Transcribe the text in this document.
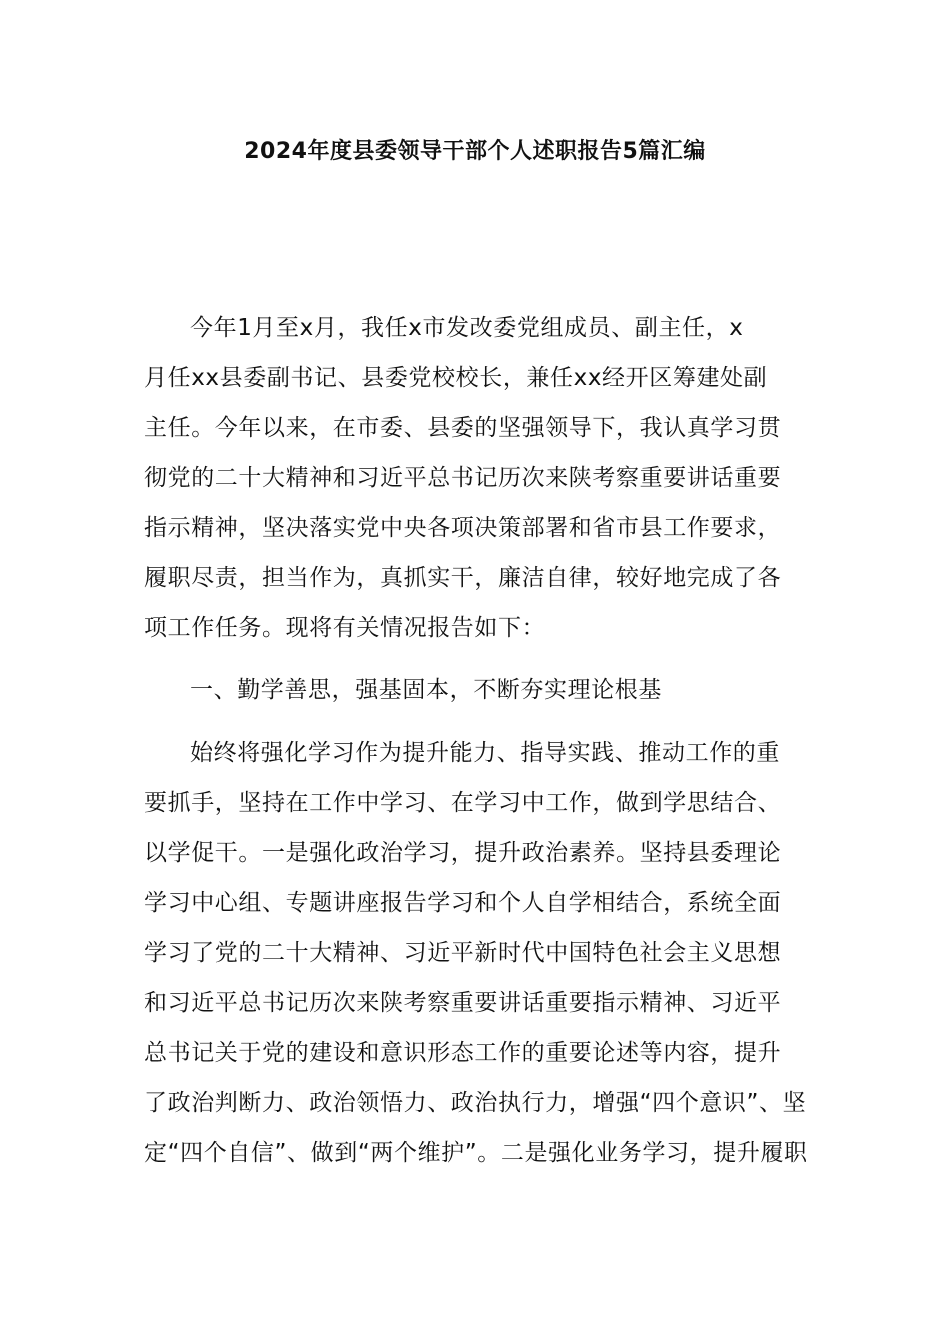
2024年度县委领导干部个人述职报告5篇汇编

今年1月至x月，我任x市发改委党组成员、副主任，x

月任xx县委副书记、县委党校校长，兼任xx经开区筹建处副

主任。今年以来，在市委、县委的坚强领导下，我认真学习贯

彻党的二十大精神和习近平总书记历次来陕考察重要讲话重要

指示精神，坚决落实党中央各项决策部署和省市县工作要求，

履职尽责，担当作为，真抓实干，廉洁自律，较好地完成了各

项工作任务。现将有关情况报告如下：

一、勤学善思，强基固本，不断夯实理论根基

始终将强化学习作为提升能力、指导实践、推动工作的重

要抓手，坚持在工作中学习、在学习中工作，做到学思结合、

以学促干。一是强化政治学习，提升政治素养。坚持县委理论

学习中心组、专题讲座报告学习和个人自学相结合，系统全面

学习了党的二十大精神、习近平新时代中国特色社会主义思想

和习近平总书记历次来陕考察重要讲话重要指示精神、习近平

总书记关于党的建设和意识形态工作的重要论述等内容，提升

了政治判断力、政治领悟力、政治执行力，增强“四个意识”、坚

定“四个自信”、做到“两个维护”。二是强化业务学习，提升履职
